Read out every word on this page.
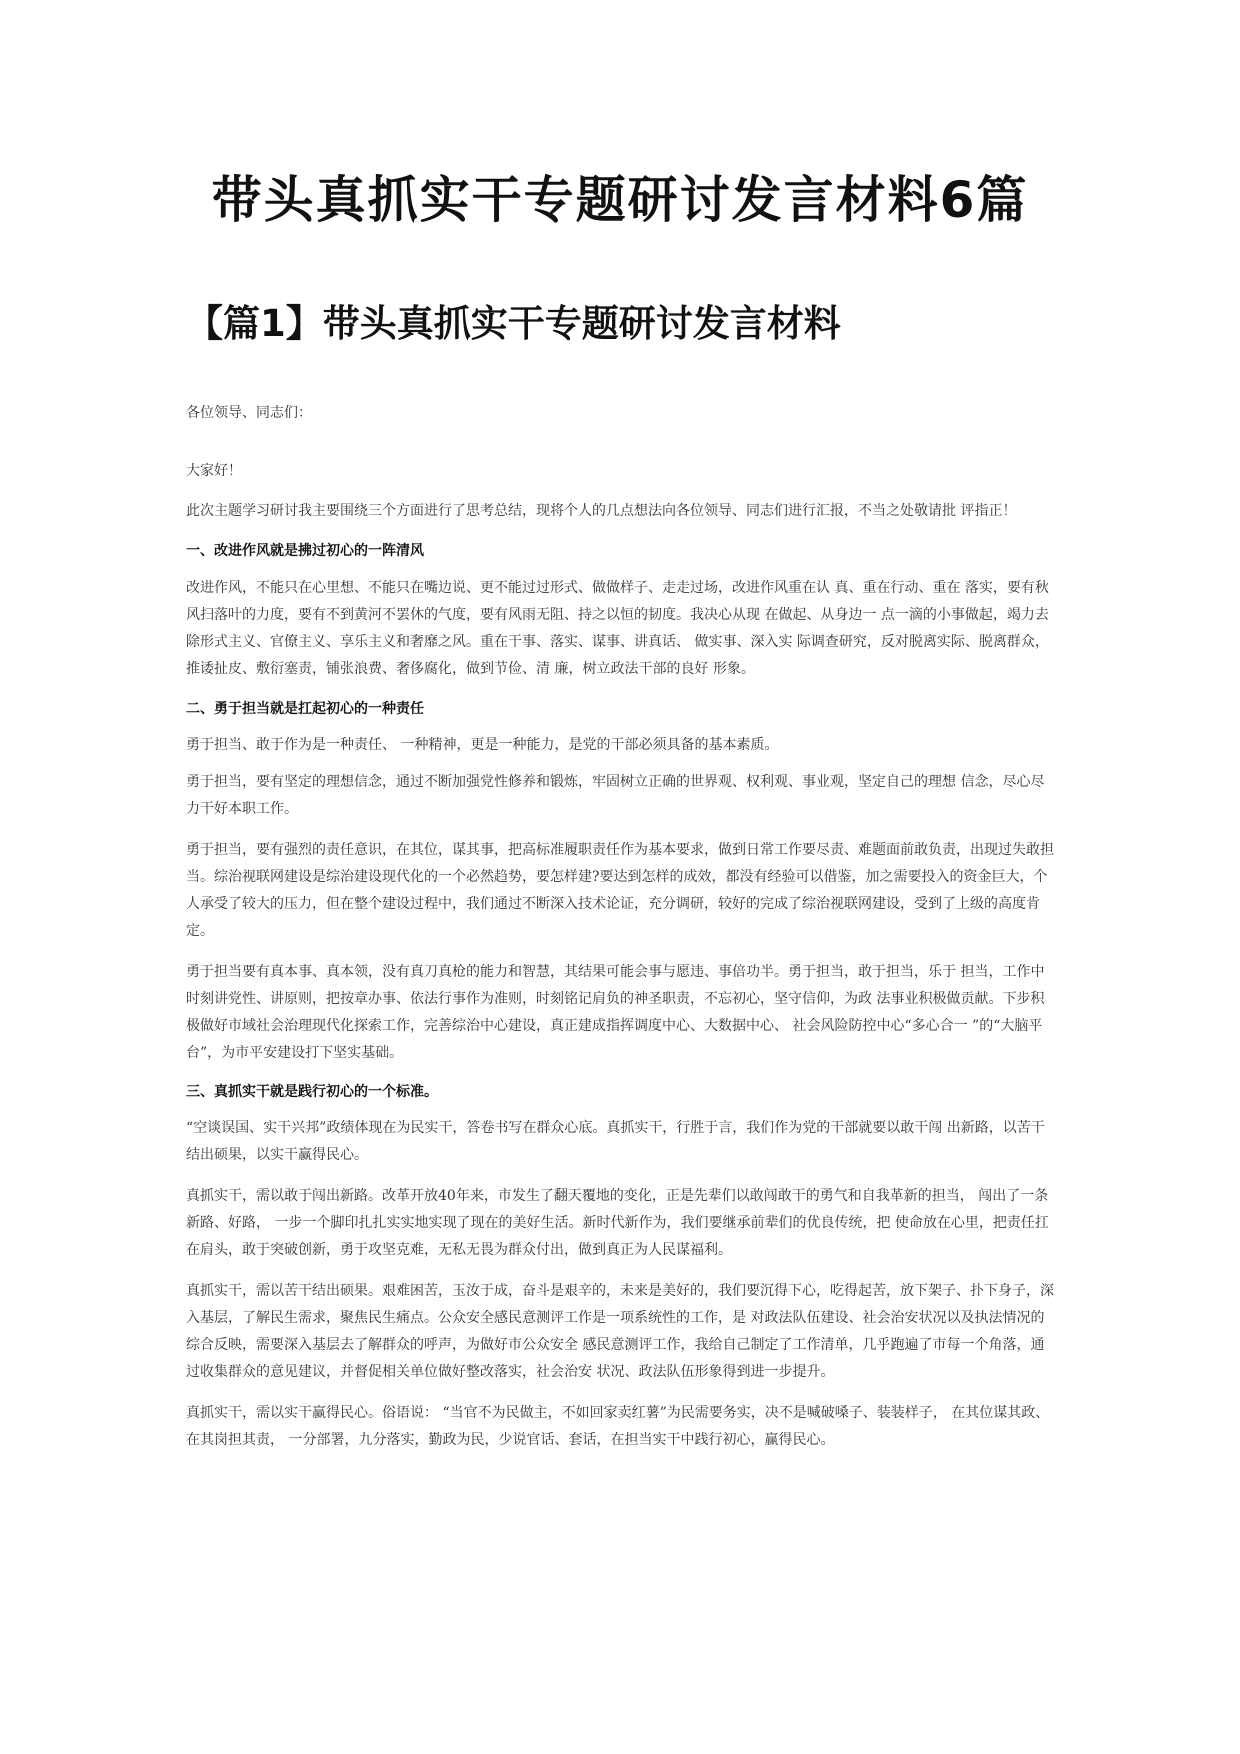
带头真抓实干专题研讨发言材料6篇
【篇1】带头真抓实干专题研讨发言材料

各位领导、同志们：

大家好！

此次主题学习研讨我主要围绕三个方面进行了思考总结，现将个人的几点想法向各位领导、同志们进行汇报，不当之处敬请批 评指正！

一、改进作风就是拂过初心的一阵清风

改进作风，不能只在心里想、不能只在嘴边说、更不能过过形式、做做样子、走走过场，改进作风重在认 真、重在行动、重在 落实，要有秋风扫落叶的力度，要有不到黄河不罢休的气度，要有风雨无阻、持之以恒的韧度。我决心从现 在做起、从身边一 点一滴的小事做起，竭力去除形式主义、官僚主义、享乐主义和奢靡之风。重在干事、落实、谋事、讲真话、 做实事、深入实 际调查研究，反对脱离实际、脱离群众，推诿扯皮、敷衍塞责，铺张浪费、奢侈腐化，做到节俭、清 廉，树立政法干部的良好 形象。

二、勇于担当就是扛起初心的一种责任

勇于担当、敢于作为是一种责任、 一种精神，更是一种能力，是党的干部必须具备的基本素质。

勇于担当，要有坚定的理想信念，通过不断加强党性修养和锻炼，牢固树立正确的世界观、权利观、事业观，坚定自己的理想 信念，尽心尽力干好本职工作。

勇于担当，要有强烈的责任意识，在其位，谋其事，把高标准履职责任作为基本要求，做到日常工作要尽责、难题面前敢负责，出现过失敢担当。综治视联网建设是综治建设现代化的一个必然趋势，要怎样建?要达到怎样的成效，都没有经验可以借鉴，加之需要投入的资金巨大，个人承受了较大的压力，但在整个建设过程中，我们通过不断深入技术论证，充分调研，较好的完成了综治视联网建设，受到了上级的高度肯定。

勇于担当要有真本事、真本领，没有真刀真枪的能力和智慧，其结果可能会事与愿违、事倍功半。勇于担当，敢于担当，乐于 担当，工作中时刻讲党性、讲原则，把按章办事、依法行事作为准则，时刻铭记肩负的神圣职责，不忘初心，坚守信仰，为政 法事业积极做贡献。下步积极做好市域社会治理现代化探索工作，完善综治中心建设，真正建成指挥调度中心、大数据中心、 社会风险防控中心“多心合一 ”的“大脑平台”，为市平安建设打下坚实基础。

三、真抓实干就是践行初心的一个标准。

“空谈误国、实干兴邦”政绩体现在为民实干，答卷书写在群众心底。真抓实干，行胜于言，我们作为党的干部就要以敢干闯 出新路，以苦干结出硕果，以实干赢得民心。

真抓实干，需以敢于闯出新路。改革开放40年来，市发生了翻天覆地的变化，正是先辈们以敢闯敢干的勇气和自我革新的担当， 闯出了一条新路、好路， 一步一个脚印扎扎实实地实现了现在的美好生活。新时代新作为，我们要继承前辈们的优良传统，把 使命放在心里，把责任扛在肩头，敢于突破创新，勇于攻坚克难，无私无畏为群众付出，做到真正为人民谋福利。

真抓实干，需以苦干结出硕果。艰难困苦，玉汝于成，奋斗是艰辛的，未来是美好的，我们要沉得下心，吃得起苦，放下架子、扑下身子，深入基层，了解民生需求，聚焦民生痛点。公众安全感民意测评工作是一项系统性的工作，是 对政法队伍建设、社会治安状况以及执法情况的综合反映，需要深入基层去了解群众的呼声，为做好市公众安全 感民意测评工作，我给自己制定了工作清单，几乎跑遍了市每一个角落，通过收集群众的意见建议，并督促相关单位做好整改落实，社会治安 状况、政法队伍形象得到进一步提升。

真抓实干，需以实干赢得民心。俗语说： “当官不为民做主，不如回家卖红薯”为民需要务实，决不是喊破嗓子、装装样子， 在其位谋其政、在其岗担其责， 一分部署，九分落实，勤政为民，少说官话、套话，在担当实干中践行初心，赢得民心。
